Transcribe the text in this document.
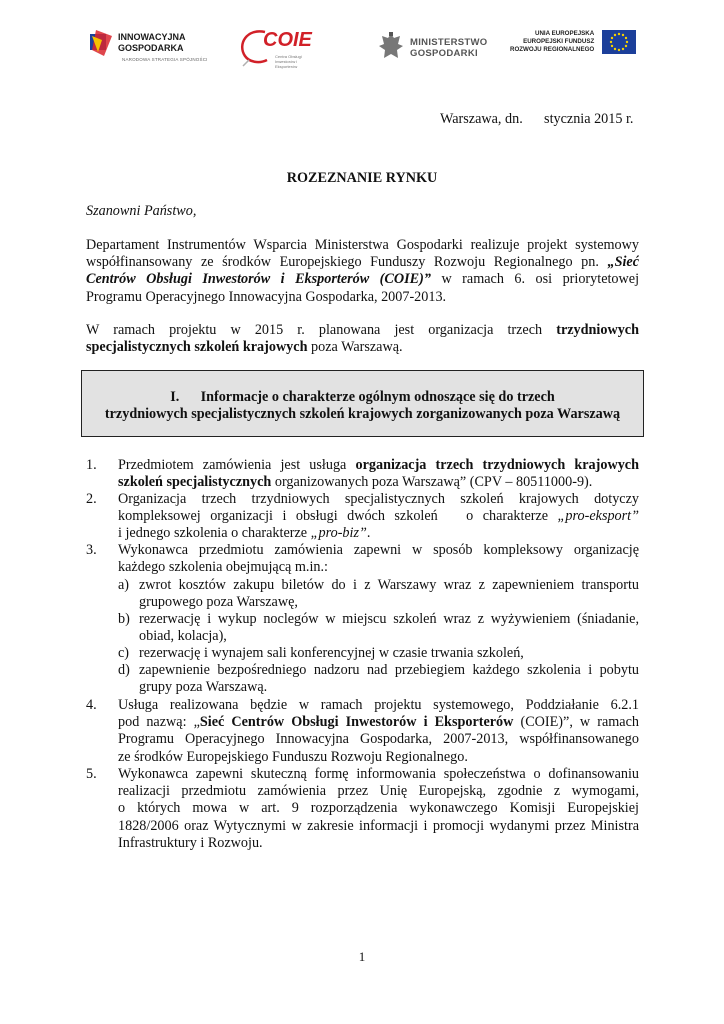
INNOWACYJNA
GOSPODARKA
NARODOWA STRATEGIA SPÓJNOŚCI
COIE
Centra Obsługi Inwestorów i Eksporterów
MINISTERSTWO
GOSPODARKI
UNIA EUROPEJSKA
EUROPEJSKI FUNDUSZ
ROZWOJU REGIONALNEGO
Warszawa, dn.      stycznia 2015 r.
ROZEZNANIE RYNKU
Szanowni Państwo,
Departament Instrumentów Wsparcia Ministerstwa Gospodarki realizuje projekt systemowy
współfinansowany ze środków Europejskiego Funduszy Rozwoju Regionalnego pn. „Sieć
Centrów Obsługi Inwestorów i Eksporterów (COIE)” w ramach 6. osi priorytetowej
Programu Operacyjnego Innowacyjna Gospodarka, 2007-2013.
W ramach projektu w 2015 r. planowana jest organizacja trzech trzydniowych
specjalistycznych szkoleń krajowych poza Warszawą.
I.      Informacje o charakterze ogólnym odnoszące się do trzech
trzydniowych specjalistycznych szkoleń krajowych zorganizowanych poza Warszawą
1. Przedmiotem zamówienia jest usługa organizacja trzech trzydniowych krajowych
szkoleń specjalistycznych organizowanych poza Warszawą” (CPV – 80511000-9).
2. Organizacja trzech trzydniowych specjalistycznych szkoleń krajowych dotyczy
kompleksowej organizacji i obsługi dwóch szkoleń   o charakterze „pro-eksport”
i jednego szkolenia o charakterze „pro-biz”.
3. Wykonawca przedmiotu zamówienia zapewni w sposób kompleksowy organizację
każdego szkolenia obejmującą m.in.:
a) zwrot kosztów zakupu biletów do i z Warszawy wraz z zapewnieniem transportu
grupowego poza Warszawę,
b) rezerwację i wykup noclegów w miejscu szkoleń wraz z wyżywieniem (śniadanie,
obiad, kolacja),
c) rezerwację i wynajem sali konferencyjnej w czasie trwania szkoleń,
d) zapewnienie bezpośredniego nadzoru nad przebiegiem każdego szkolenia i pobytu
grupy poza Warszawą.
4. Usługa realizowana będzie w ramach projektu systemowego, Poddziałanie 6.2.1
pod nazwą: „Sieć Centrów Obsługi Inwestorów i Eksporterów (COIE)”, w ramach
Programu Operacyjnego Innowacyjna Gospodarka, 2007-2013, współfinansowanego
ze środków Europejskiego Funduszu Rozwoju Regionalnego.
5. Wykonawca zapewni skuteczną formę informowania społeczeństwa o dofinansowaniu
realizacji przedmiotu zamówienia przez Unię Europejską, zgodnie z wymogami,
o których mowa w art. 9 rozporządzenia wykonawczego Komisji Europejskiej
1828/2006 oraz Wytycznymi w zakresie informacji i promocji wydanymi przez Ministra
Infrastruktury i Rozwoju.
1
